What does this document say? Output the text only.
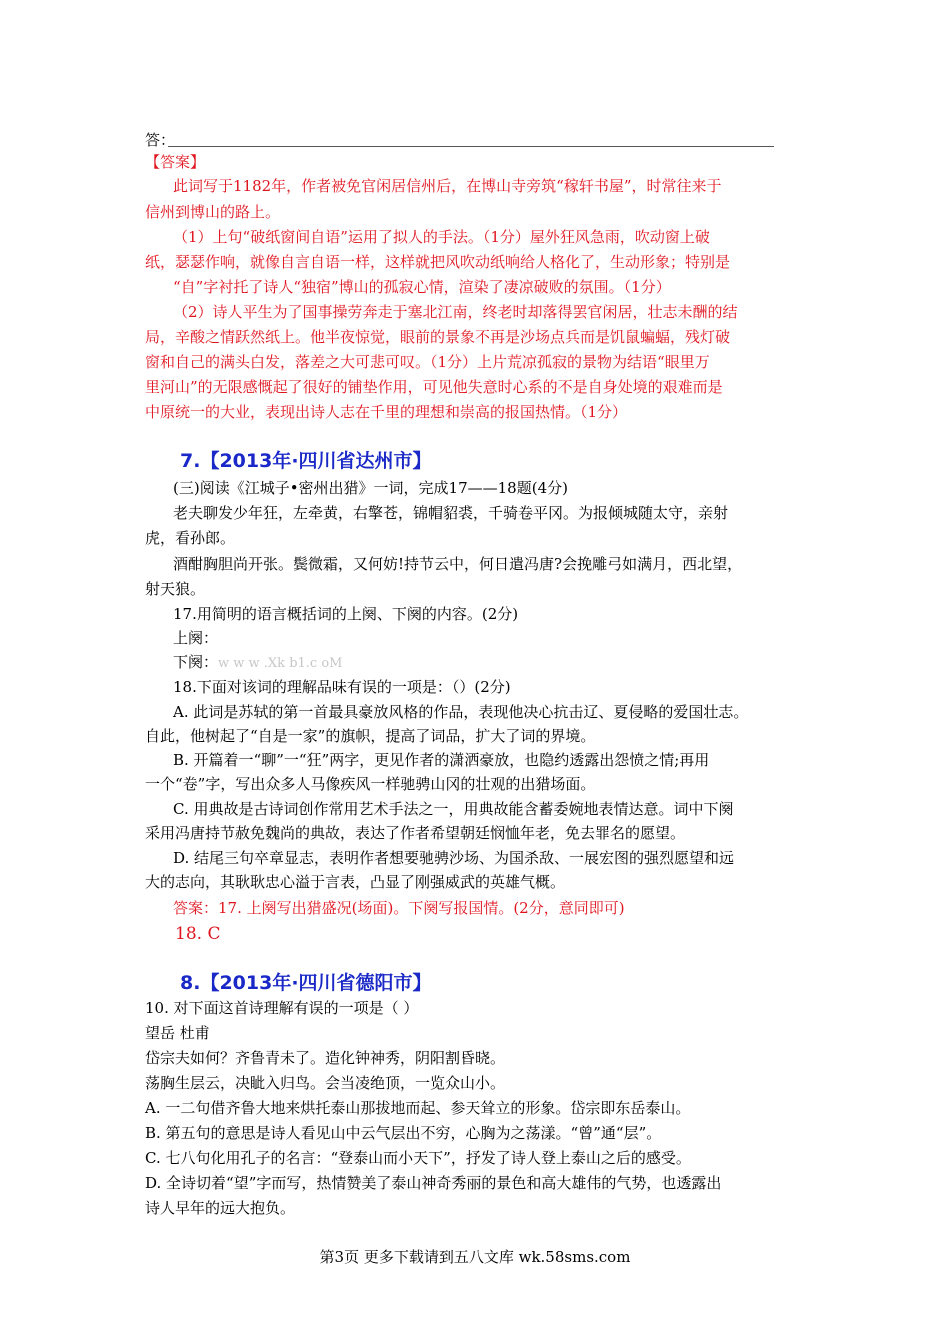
答：
【答案】
此词写于1182年，作者被免官闲居信州后，在博山寺旁筑“稼轩书屋”，时常往来于
信州到博山的路上。
（1）上句“破纸窗间自语”运用了拟人的手法。（1分）屋外狂风急雨，吹动窗上破
纸，瑟瑟作响，就像自言自语一样，这样就把风吹动纸响给人格化了，生动形象；特别是
“自”字衬托了诗人“独宿”博山的孤寂心情，渲染了凄凉破败的氛围。（1分）
（2）诗人平生为了国事操劳奔走于塞北江南，终老时却落得罢官闲居，壮志未酬的结
局，辛酸之情跃然纸上。他半夜惊觉，眼前的景象不再是沙场点兵而是饥鼠蝙蝠，残灯破
窗和自己的满头白发，落差之大可悲可叹。（1分）上片荒凉孤寂的景物为结语“眼里万
里河山”的无限感慨起了很好的铺垫作用，可见他失意时心系的不是自身处境的艰难而是
中原统一的大业，表现出诗人志在千里的理想和崇高的报国热情。（1分）
7.【2013年·四川省达州市】
(三)阅读《江城子•密州出猎》一词，完成17——18题(4分)
老夫聊发少年狂，左牵黄，右擎苍，锦帽貂裘，千骑卷平冈。为报倾城随太守，亲射
虎，看孙郎。
酒酣胸胆尚开张。鬓微霜，又何妨!持节云中，何日遣冯唐?会挽雕弓如满月，西北望，
射天狼。
17.用简明的语言概括词的上阕、下阕的内容。(2分)
上阕：
下阕：w w w .Xk b1.c oM
18.下面对该词的理解品味有误的一项是：（）(2分)
A. 此词是苏轼的第一首最具豪放风格的作品，表现他决心抗击辽、夏侵略的爱国壮志。
自此，他树起了“自是一家”的旗帜，提高了词品，扩大了词的界境。
B. 开篇着一“聊”一“狂”两字，更见作者的潇洒豪放，也隐约透露出怨愤之情;再用
一个“卷”字，写出众多人马像疾风一样驰骋山冈的壮观的出猎场面。
C. 用典故是古诗词创作常用艺术手法之一，用典故能含蓄委婉地表情达意。词中下阕
采用冯唐持节赦免魏尚的典故，表达了作者希望朝廷悯恤年老，免去罪名的愿望。
D. 结尾三句卒章显志，表明作者想要驰骋沙场、为国杀敌、一展宏图的强烈愿望和远
大的志向，其耿耿忠心溢于言表，凸显了刚强威武的英雄气概。
答案：17. 上阕写出猎盛况(场面)。下阕写报国情。(2分，意同即可)
18. C
8.【2013年·四川省德阳市】
10. 对下面这首诗理解有误的一项是（ ）
望岳 杜甫
岱宗夫如何？齐鲁青未了。造化钟神秀，阴阳割昏晓。
荡胸生层云，决眦入归鸟。会当凌绝顶，一览众山小。
A. 一二句借齐鲁大地来烘托泰山那拔地而起、参天耸立的形象。岱宗即东岳泰山。
B. 第五句的意思是诗人看见山中云气层出不穷，心胸为之荡漾。“曾”通“层”。
C. 七八句化用孔子的名言：“登泰山而小天下”，抒发了诗人登上泰山之后的感受。
D. 全诗切着“望”字而写，热情赞美了泰山神奇秀丽的景色和高大雄伟的气势，也透露出
诗人早年的远大抱负。
第3页 更多下载请到五八文库 wk.58sms.com
